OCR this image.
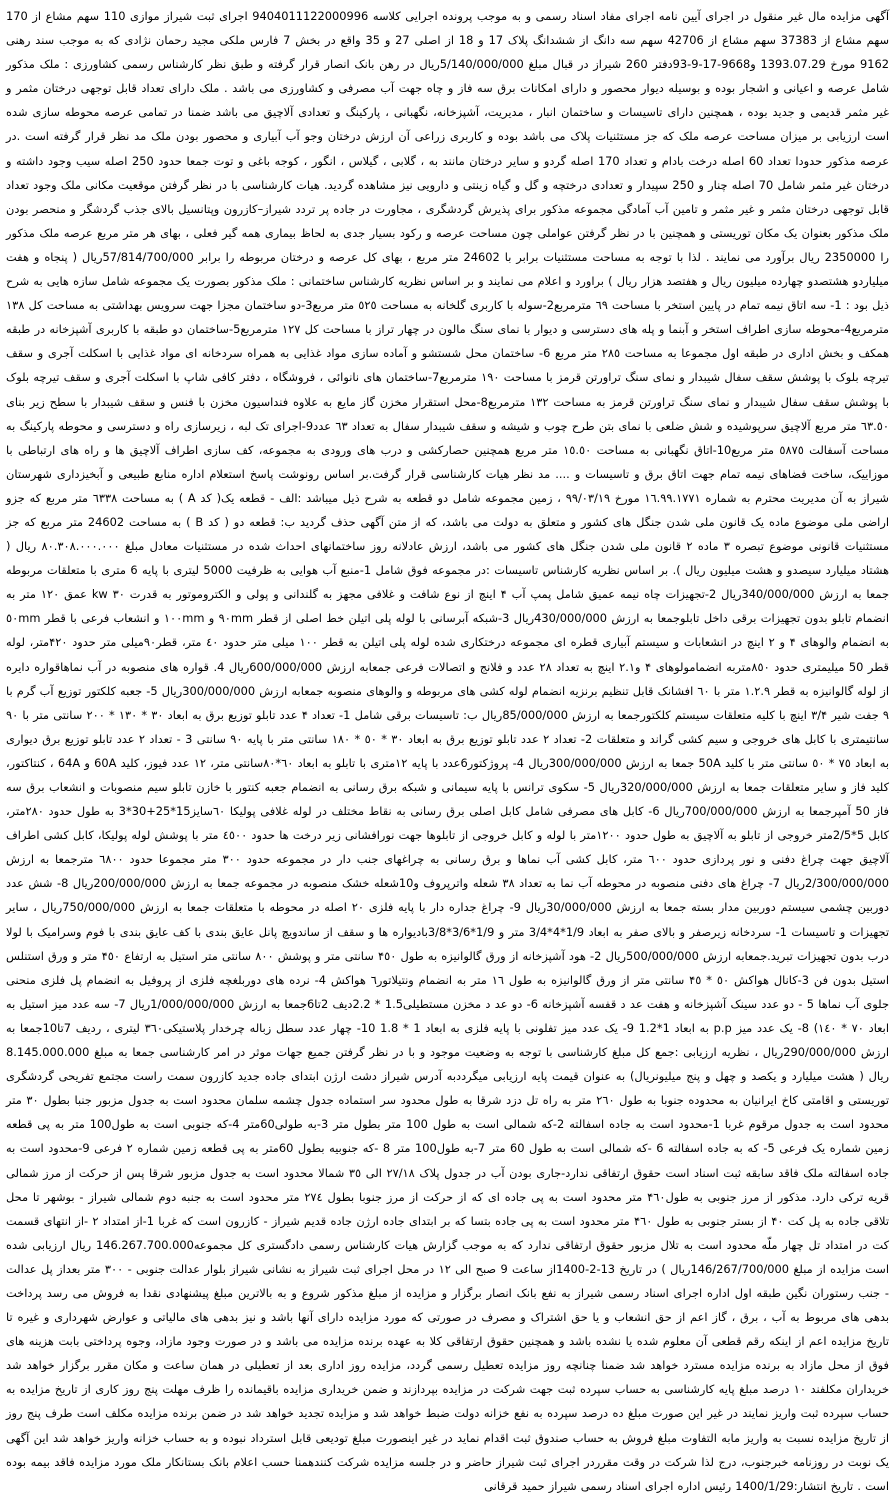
آگهی مزایده مال غیر منقول در اجرای آیین نامه اجرای مفاد اسناد رسمی و به موجب پرونده اجرایی کلاسه 9404011122000996 اجرای ثبت شیراز موازی 110 سهم مشاع از 170 سهم مشاع از 37383 سهم مشاع از 42706 سهم سه دانگ از ششدانگ پلاک 17 و 18 از اصلی 27 و 35 واقع در بخش 7 فارس ملکی مجید رحمان نژادی که به موجب سند رهنی 9162 مورخ 1393.07.29 و9668-17-9-93دفتر 260 شیراز در قبال مبلغ 5/140/000/000ریال در رهن بانک انصار قرار گرفته و طبق نظر کارشناس رسمی کشاورزی : ملک مذکور شامل عرصه و اعیانی و اشجار بوده و بوسیله دیوار محصور و دارای امکانات برق سه فاز و چاه جهت آب مصرفی و کشاورزی می باشد . ملک دارای تعداد قابل توجهی درختان مثمر و غیر مثمر قدیمی و جدید بوده ، همچنین دارای تاسیسات و ساختمان انبار ، مدیریت، آشپزخانه، نگهبانی ، پارکینگ و تعدادی آلاچیق می باشد ضمنا در تمامی عرصه محوطه سازی شده است ارزیابی بر میزان مساحت عرصه ملک که جز مستثنیات پلاک می باشد بوده و کاربری زراعی آن ارزش درختان وجو آب آبیاری و محصور بودن ملک مد نظر قرار گرفته است .در عرصه مذکور حدودا تعداد 60 اصله درخت بادام و تعداد 170 اصله گردو و سایر درختان مانند به ، گلابی ، گیلاس ، انگور ، کوجه باغی و توت جمعا حدود 250 اصله سیب وجود داشته و درختان غیر مثمر شامل 70 اصله چنار و 250 سپیدار و تعدادی درختچه و گل و گیاه زینتی و دارویی نیز مشاهده گردید. هیات کارشناسی با در نظر گرفتن موقعیت مکانی ملک وجود تعداد قابل توجهی درختان مثمر و غیر مثمر و تامین آب آمادگی مجموعه مذکور برای پذیرش گردشگری ، مجاورت در جاده پر تردد شیراز–کازرون وپتانسیل بالای جذب گردشگر و منحصر بودن ملک مذکور بعنوان یک مکان توریستی و همچنین با در نظر گرفتن عواملی چون مساحت عرصه و رکود بسیار جدی به لحاظ بیماری همه گیر فعلی ، بهای هر متر مربع عرصه ملک مذکور را 2350000 ریال برآورد می نمایند . لذا با توجه به مساحت مستثنیات برابر با 24602 متر مربع ، بهای کل عرصه و درختان مربوطه را برابر 57/814/700/000ریال ( پنجاه و هفت میلیاردو هشتصدو چهارده میلیون ریال و هفتصد هزار ریال ) براورد و اعلام می نمایند و بر اساس نظریه کارشناس ساختمانی : ملک مذکور بصورت یک مجموعه شامل سازه هایی به شرح ذیل بود : 1- سه اتاق نیمه تمام در پایین استخر با مساحت ٦٩ مترمربع2-سوله با کاربری گلخانه به مساحت ٥٢٥ متر مربع3-دو ساختمان مجزا جهت سرویس بهداشتی به مساحت کل ١٣٨ مترمربع4-محوطه سازی اطراف استخر و آبنما و پله های دسترسی و دیوار با نمای سنگ مالون در چهار تراز با مساحت کل ١٢٧ مترمربع5-ساختمان دو طبقه با کاربری آشپزخانه در طبقه همکف و بخش اداری در طبقه اول مجموعا به مساحت ٢٨٥ متر مربع 6- ساختمان محل شستشو و آماده سازی مواد غذایی به همراه سردخانه ای مواد غذایی با اسکلت آجری و سقف تیرچه بلوک با پوشش سقف سفال شیبدار و نمای سنگ تراورتن قرمز با مساحت ١٩٠ مترمربع7-ساختمان های نانوائی ، فروشگاه ، دفتر کافی شاپ با اسکلت آجری و سقف تیرچه بلوک با پوشش سقف سفال شیبدار و نمای سنگ تراورتن قرمز به مساحت ١٣٢ مترمربع8-محل استقرار مخزن گاز مایع به علاوه فنداسیون مخزن با فنس و سقف شیبدار با سطح زیر بنای ٦٣.٥٠ متر مربع آلاچیق سرپوشیده و شش ضلعی با نمای بتن طرح چوب و شیشه و سقف شیبدار سفال به تعداد ٦٣ عدد9-اجرای تک لبه ، زیرسازی راه و دسترسی و محوطه پارکینگ به مساحت آسفالت ٥٨٧٥ متر مربع10-اتاق نگهبانی به مساحت ١٥.٥٠ متر مربع همچنین حصارکشی و درب های ورودی به مجموعه، کف سازی اطراف آلاچیق ها و راه های ارتباطی با موزاییک، ساخت فضاهای نیمه تمام جهت اتاق برق و تاسیسات و .... مد نظر هیات کارشناسی قرار گرفت.بر اساس رونوشت پاسخ استعلام اداره منابع طبیعی و آبخیزداری شهرستان شیراز به آن مدیریت محترم به شماره ١٦.٩٩.١٧٧١ مورخ ٩٩/٠٣/١٩ ، زمین مجموعه شامل دو قطعه به شرح ذیل میباشد :الف - قطعه یک( کد A ) به مساحت ٦٣٣٨ متر مربع که جزو اراضی ملی موضوع ماده یک قانون ملی شدن جنگل های کشور و متعلق به دولت می باشد، که از متن آگهی حذف گردید ب: قطعه دو ( کد B ) به مساحت 24602 متر مربع که جز مستثنیات قانونی موضوع تبصره ٣ ماده ٢ قانون ملی شدن جنگل های کشور می باشد، ارزش عادلانه روز ساختمانهای احداث شده در مستثنیات معادل مبلغ ٨٠.٣٠٨.٠٠٠.٠٠٠ ریال ( هشتاد میلیارد سیصدو و هشت میلیون ریال ). بر اساس نظریه کارشناس تاسیسات :در مجموعه فوق شامل 1-منبع آب هوایی به ظرفیت 5000 لیتری با پایه 6 متری با متعلقات مربوطه جمعا به ارزش 340/000/000ریال 2-تجهیزات چاه نیمه عمیق شامل پمپ آب ۴ اینچ از نوع شافت و غلافی مجهز به گلندانی و پولی و الکتروموتور به قدرت ٣٠ kw عمق ١٢٠ متر به انضمام تابلو بدون تجهیزات برقی داخل تابلوجمعا به ارزش 430/000/000ریال 3-شبکه آبرسانی با لوله پلی اتیلن خط اصلی از قطر ٩٠mm و ١٠٠mm و انشعاب فرعی با قطر ٥٠mm به انضمام والوهای ۴ و ٢ اینچ در انشعابات و سیستم آبیاری قطره ای مجموعه درختکاری شده لوله پلی اتیلن به قطر ١٠٠ میلی متر حدود ٤٠ متر، قطر٩٠میلی متر حدود ۴٢٠متر، لوله قطر 50 میلیمتری حدود ٨٥٠متربه انضمامولوهای ۴ و٢.١ اینچ به تعداد ٢٨ عدد و فلانج و اتصالات فرعی جمعابه ارزش 600/000/000ریال 4. قواره های منصوبه در آب نماهاقواره دایره از لوله گالوانیزه به قطر ١.٢.٩ متر با ٦٠ افشانک قابل تنظیم برنزیه انضمام لوله کشی های مربوطه و والوهای منصوبه جمعابه ارزش 300/000/000ریال 5- جعبه کلکتور توزیع آب گرم با ٩ جفت شیر ٣/۴ اینچ با کلیه متعلقات سیستم کلکتورجمعا به ارزش 85/000/000ریال ب: تاسیسات برقی شامل 1- تعداد ۴ عدد تابلو توزیع برق به ابعاد ٣٠ * ١٣٠ * ٢٠٠ سانتی متر با ٩٠ سانتیمتری با کابل های خروجی و سیم کشی گراند و متعلقات 2- تعداد ٢ عدد تابلو توزیع برق به ابعاد ٣٠ * ٥٠ * ١٨٠ سانتی متر با پایه ٩٠ سانتی 3 - تعداد ٢ عدد تابلو توزیع برق دیواری به ابعاد ٧٥ * ٥٠ سانتی متر با کلید 50A جمعا به ارزش 300/000/000ریال 4- پروژکتور6عدد با پایه ١٢متری با تابلو به ابعاد ٦٠*٨٠سانتی متر، ١٢ عدد فیوز، کلید 60A و 64A ، کنتاکتور، کلید فاز و سایر متعلقات جمعا به ارزش 320/000/000ریال 5- سکوی ترانس با پایه سیمانی و شبکه برق رسانی به انضمام جعبه کنتور با خازن تابلو سیم منصوبات و انشعاب برق سه فاز 50 آمپرجمعا به ارزش 700/000/000ریال 6- کابل های مصرفی شامل کابل اصلی برق رسانی به نقاط مختلف در لوله غلافی پولیکا ٦٠سایز15*25+30*3 به طول حدود ٢٨٠متر، کابل 5*2/5متر خروجی از تابلو به آلاچیق به طول حدود ١٢٠٠متر با لوله و کابل خروجی از تابلوها جهت نورافشانی زیر درخت ها حدود ٤٥٠٠ متر با پوشش لوله پولیکا، کابل کشی اطراف آلاچیق جهت چراغ دفنی و نور پردازی حدود ٦٠٠ متر، کابل کشی آب نماها و برق رسانی به چراغهای جنب دار در مجموعه حدود ٣٠٠ متر مجموعا حدود ٦٨٠٠ مترجمعا به ارزش 2/300/000/000ریال 7- چراغ های دفنی منصوبه در محوطه آب نما به تعداد ٣٨ شعله واترپروف و10شعله خشک منصوبه در مجموعه جمعا به ارزش 200/000/000ریال 8- شش عدد دوربین چشمی سیستم دوربین مدار بسته جمعا به ارزش 30/000/000ریال 9- چراغ جداره دار با پایه فلزی ٢٠ اصله در محوطه با متعلقات جمعا به ارزش 750/000/000ریال ، سایر تجهیزات و تاسیسات 1- سردخانه زیرصفر و بالای صفر به ابعاد 1/9*4*3/4 متر و 1/9*3/6*3/8بادیواره ها و سقف از ساندویچ پانل عایق بندی با کف عایق بندی با فوم وسرامیک با لولا درب بدون تجهیزات تبرید.جمعابه ارزش 500/000/000ریال 2- هود آشپزخانه از ورق گالوانیزه به طول ۴٥٠ سانتی متر و پوشش ٨٠٠ سانتی متر استیل به ارتفاع ۴٥٠ متر و ورق استنلس استیل بدون فن 3-کانال هواکش ٥٠ * ۴٥ سانتی متر از ورق گالوانیزه به طول ١٦ متر به انضمام ونتیلاتور٦ هواکش 4- نرده های دوربلغچه فلزی از پروفیل به انضمام پل فلزی منحنی جلوی آب نماها 5 - دو عدد سینک آشپزخانه و هفت عد د قفسه آشپزخانه 6- دو عد د مخزن مستطیلی1.5 * 2.2دیف 2تا6جمعا به ارزش 1/000/000/000ریال 7- سه عدد میز استیل به ابعاد ٧٠ * ١٤٠) 8- یک عدد میز p.p به ابعاد 1*1.2 9- یک عدد میز تفلونی با پایه فلزی به ابعاد 1 * 1.8 10- چهار عدد سطل زباله چرخدار پلاستیکی٣٦٠ لیتری ، ردیف 7تا10جمعا به ارزش 290/000/000ریال ، نظریه ارزیابی :جمع کل مبلغ کارشناسی با توجه به وضعیت موجود و با در نظر گرفتن جمیع جهات موثر در امر کارشناسی جمعا به مبلغ 8.145.000.000 ریال ( هشت میلیارد و یکصد و چهل و پنج میلیونریال) به عنوان قیمت پایه ارزیابی میگرددبه آدرس شیراز دشت ارژن ابتدای جاده جدید کازرون سمت راست مجتمع تفریحی گردشگری توریستی و اقامتی کاخ ایرانیان به محدوده جنوبا به طول ٢٦٠ متر به راه تل دزد شرقا به طول محدود سر استماده جدول چشمه سلمان محدود است به جدول مزبور جنبا بطول ٣٠ متر محدود است به جدول مرقوم غربا 1-محدود است به جاده اسفالته 2-که شمالی است به طول 100 متر بطول متر 3-به طولی60متر 4-که جنوبی است به طول100 متر به پی قطعه زمین شماره یک فرعی 5- که به جاده اسفالته 6 -که شمالی است به طول 60 متر 7-به طول100 متر 8 -که جنوبیه بطول 60متر به پی قطعه زمین شماره ٢ فرعی 9-محدود است به جاده اسفالته ملک فاقد سابقه ثبت اسناد است حقوق ارتفاقی ندارد-جاری بودن آب در جدول پلاک ٢٧/١٨ الی ٣٥ شمالا محدود است به جدول مزبور شرقا پس از حرکت از مرز شمالی قریه ترکی دارد. مذکور از مرز جنوبی به طول۴٦٠ متر محدود است به پی جاده ای که از حرکت از مرز جنوبا بطول ٢٧٤ متر محدود است به جنبه دوم شمالی شیراز - بوشهر تا محل تلاقی جاده به پل کت ۴٠ از بستر جنوبی به طول ۴٦٠ متر محدود است به پی جاده بتسا که بر ابتدای جاده ارژن جاده قدیم شیراز - کازرون است که غربا 1-از امتداد ۲ -از انتهای قسمت کت در امتداد تل چهار ملّه محدود است به تلال مزبور حقوق ارتفاقی ندارد که به موجب گزارش هیات کارشناس رسمی دادگستری کل مجموعه146.267.700.000 ریال ارزیابی شده است مزایده از مبلغ 146/267/700/000ریال ) در تاریخ 13-2-1400از ساعت 9 صبح الی ١٢ در محل اجرای ثبت شیراز به نشانی شیراز بلوار عدالت جنوبی - ٣٠٠ متر بعداز پل عدالت - جنب رستوران نگین طبقه اول اداره اجرای اسناد رسمی شیراز به نفع بانک انصار برگزار و مزایده از مبلغ مذکور شروع و به بالاترین مبلغ پیشنهادی نقدا به فروش می رسد پرداخت بدهی های مربوط به آب ، برق ، گاز اعم از حق انشعاب و یا حق اشتراک و مصرف در صورتی که مورد مزایده دارای آنها باشد و نیز بدهی های مالیاتی و عوارض شهرداری و غیره تا تاریخ مزایده اعم از اینکه رقم قطعی آن معلوم شده یا نشده باشد و همچنین حقوق ارتفاقی کلا به عهده برنده مزایده می باشد و در صورت وجود مازاد، وجوه پرداختی بابت هزینه های فوق از محل مازاد به برنده مزایده مسترد خواهد شد ضمنا چنانچه روز مزایده تعطیل رسمی گردد، مزایده روز اداری بعد از تعطیلی در همان ساعت و مکان مقرر برگزار خواهد شد خریداران مکلفند ١٠ درصد مبلغ پایه کارشناسی به حساب سپرده ثبت جهت شرکت در مزایده بپردازند و ضمن خریداری مزایده باقیمانده را ظرف مهلت پنج روز کاری از تاریخ مزایده به حساب سپرده ثبت واریز نمایند در غیر این صورت مبلغ ده درصد سپرده به نفع خزانه دولت ضبط خواهد شد و مزایده تجدید خواهد شد در ضمن برنده مزایده مکلف است طرف پنج روز از تاریخ مزایده نسبت به واریز مابه التفاوت مبلغ فروش به حساب صندوق ثبت اقدام نماید در غیر اینصورت مبلغ تودیعی قابل استرداد نبوده و به حساب خزانه واریز خواهد شد این آگهی یک نوبت در روزنامه خبرجنوب، درج لذا شرکت در وقت مقرردر اجرای ثبت شیراز حاضر و در جلسه مزایده شرکت کنندهمنا حسب اعلام بانک بستانکار ملک مورد مزایده فاقد بیمه بوده است . تاریخ انتشار:1400/1/29 رئیس اداره اجرای اسناد رسمی شیراز حمید قرقانی
